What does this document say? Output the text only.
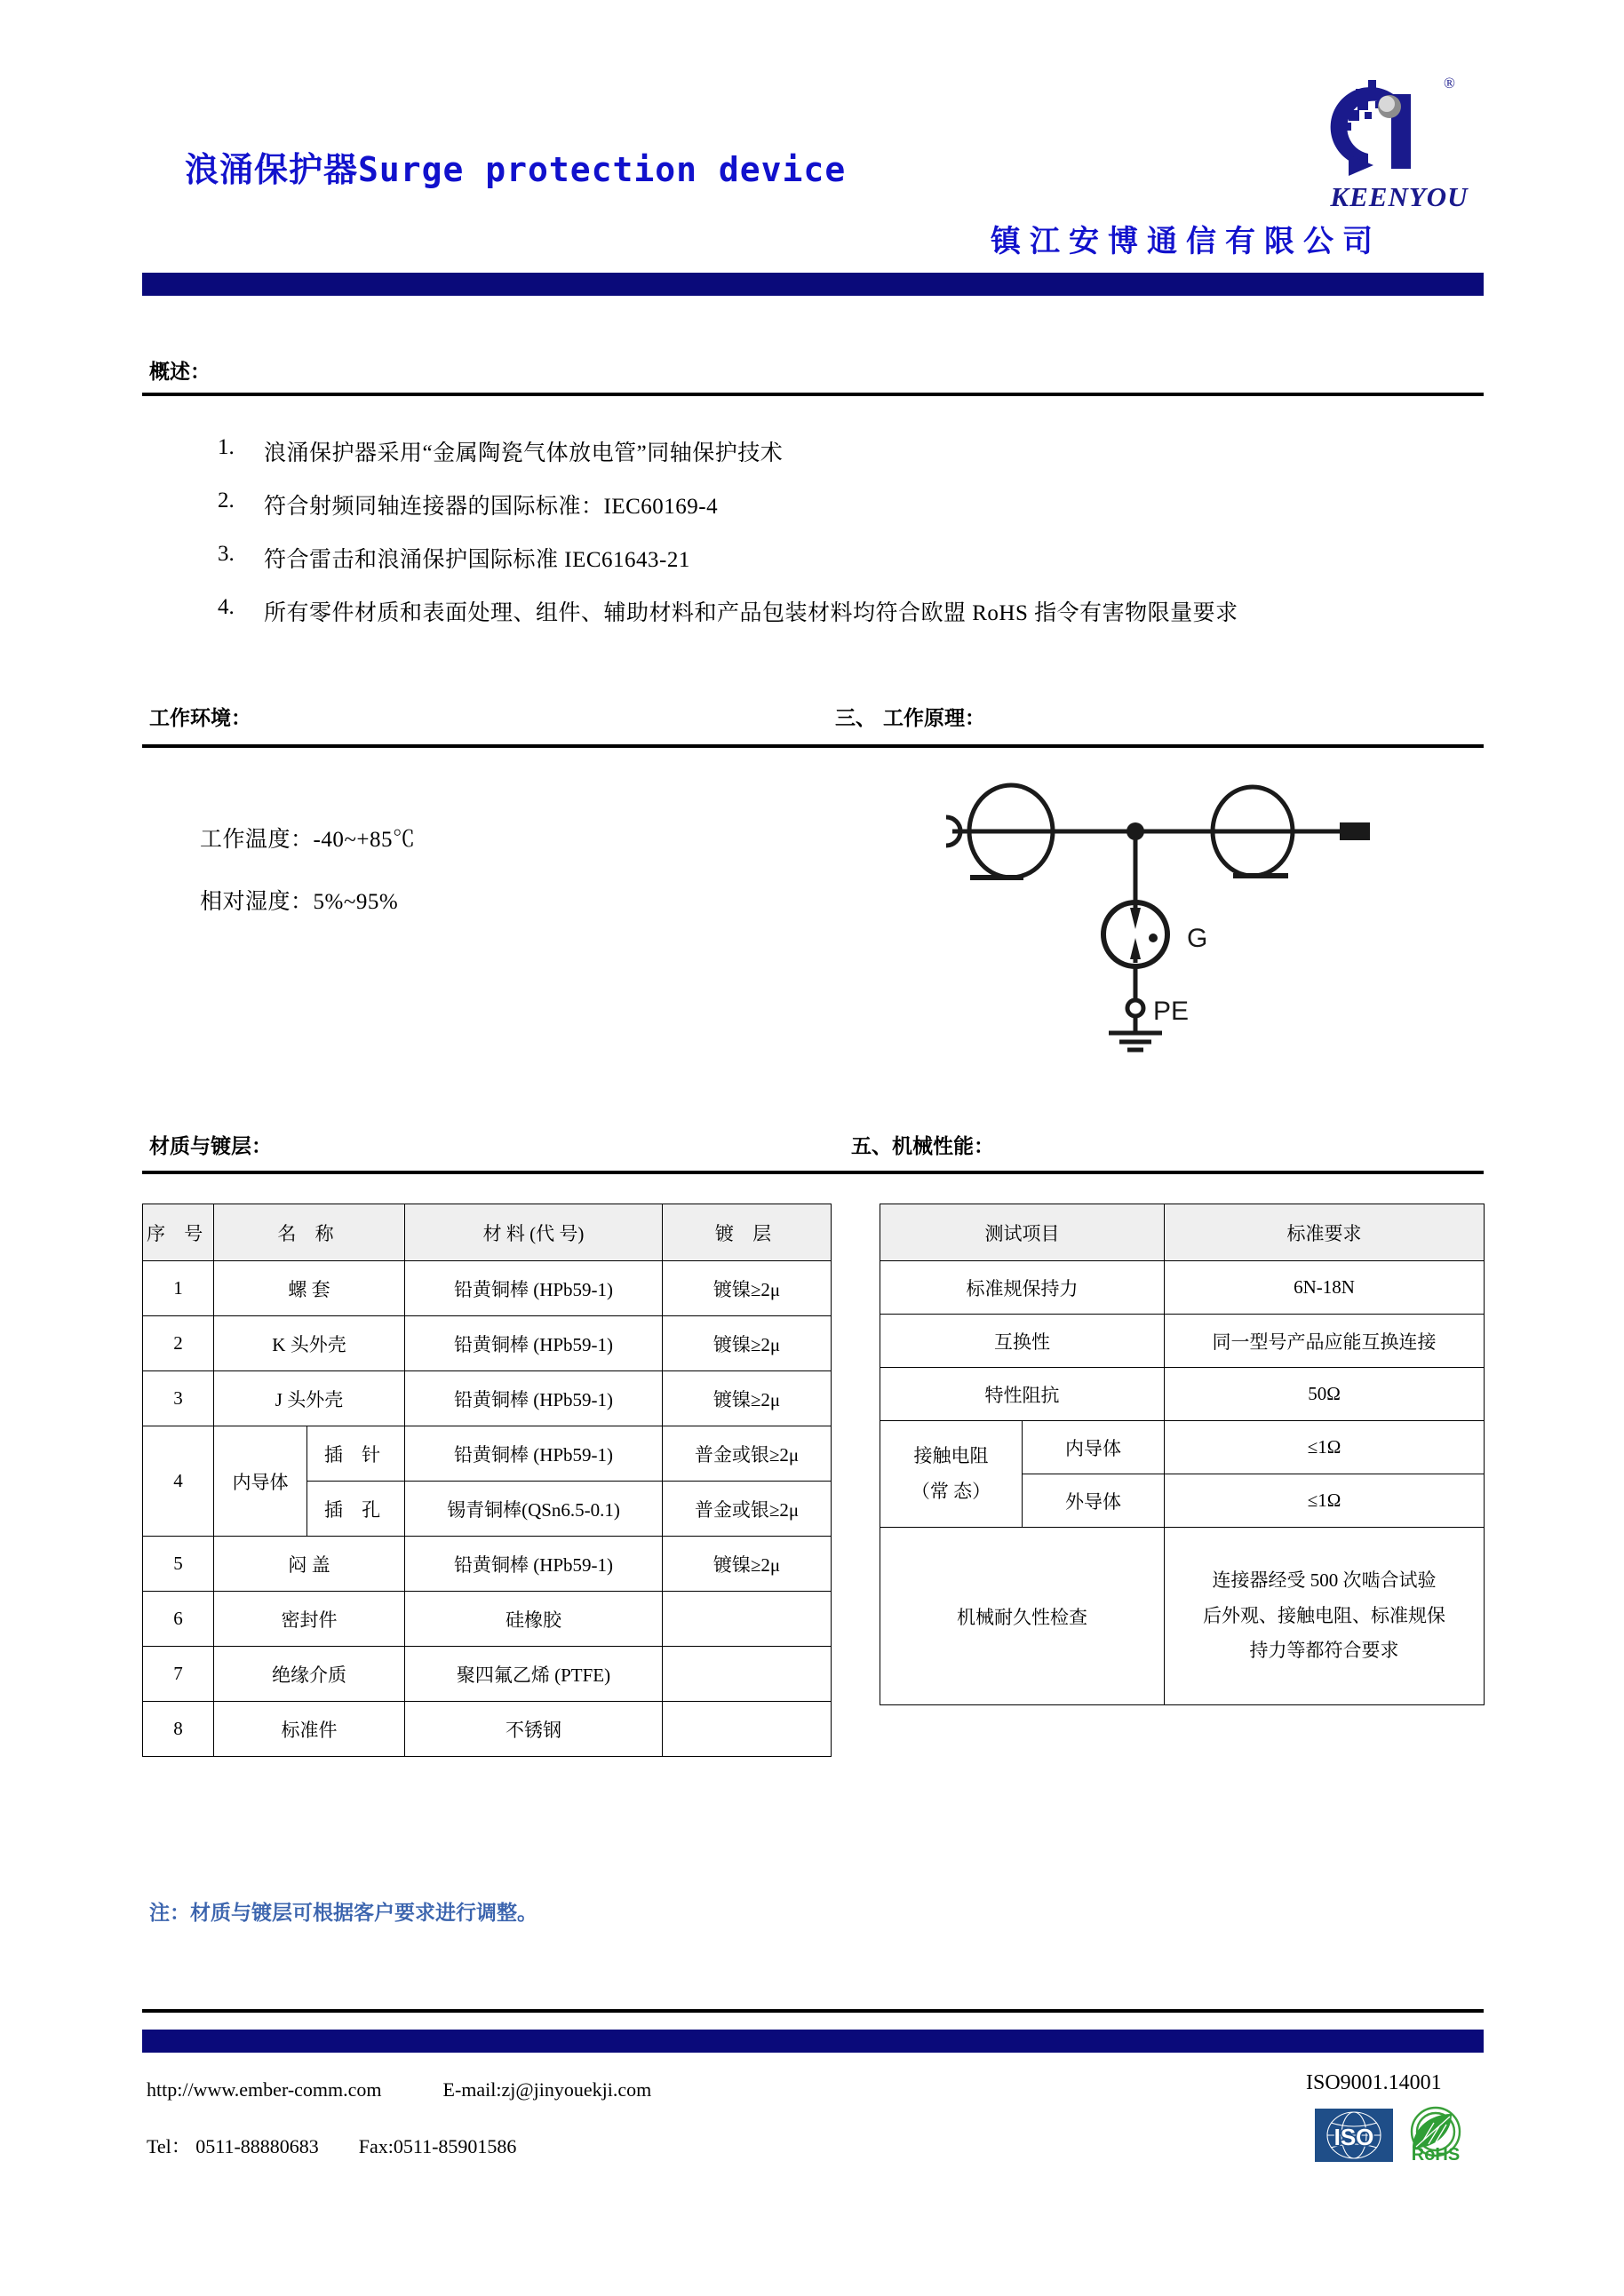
浪涌保护器Surge protection device
®
KEENYOU
镇江安博通信有限公司
概述：
1.	浪涌保护器采用“金属陶瓷气体放电管”同轴保护技术
2.	符合射频同轴连接器的国际标准：IEC60169-4
3.	符合雷击和浪涌保护国际标准 IEC61643-21
4.	所有零件材质和表面处理、组件、辅助材料和产品包装材料均符合欧盟 RoHS 指令有害物限量要求
工作环境：	三、 工作原理：
工作温度：-40~+85℃
相对湿度：5%~95%
G
PE
材质与镀层：	五、机械性能：
序 号	名 称		材 料 (代 号)	镀 层
1	螺 套		铅黄铜棒 (HPb59-1)	镀镍≥2μ
2	K 头外壳		铅黄铜棒 (HPb59-1)	镀镍≥2μ
3	J 头外壳		铅黄铜棒 (HPb59-1)	镀镍≥2μ
4	内导体	插 针	铅黄铜棒 (HPb59-1)	普金或银≥2μ
		插 孔	锡青铜棒(QSn6.5-0.1)	普金或银≥2μ
5	闷 盖		铅黄铜棒 (HPb59-1)	镀镍≥2μ
6	密封件		硅橡胶	
7	绝缘介质		聚四氟乙烯 (PTFE)	
8	标准件		不锈钢	
测试项目		标准要求
标准规保持力		6N-18N
互换性		同一型号产品应能互换连接
特性阻抗		50Ω

接触电阻
（常 态）	内导体	≤1Ω
	外导体	≤1Ω
机械耐久性检查		连接器经受 500 次啮合试验
后外观、接触电阻、标准规保
持力等都符合要求
注：材质与镀层可根据客户要求进行调整。
http://www.ember-comm.com	E-mail:zj@jinyouekji.com
Tel： 0511-88880683 Fax:0511-85901586
ISO9001.14001
ISO
RoHS
